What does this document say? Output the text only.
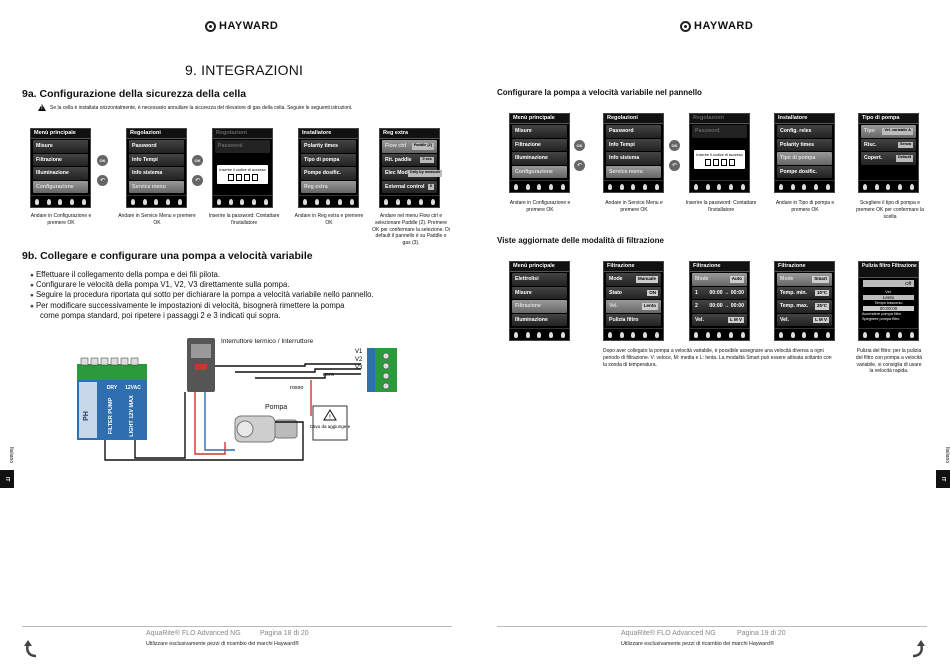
HAYWARD
9. INTEGRAZIONI
9a. Configurazione della sicurezza della cella
!
Se la cella è installata orizzontalmente, è necessario annullare la sicurezza del rilevatore di gas della cella. Seguire le seguenti istruzioni.
Menù principale
Misure
Filtrazione
Illuminazione
Configurazione
OK
↶
Regolazioni
Password
Info Tempi
Info sistema
Service menu
OK
↶
Regolazioni
Password
Inserire il codice di accesso
Installatore
Polarity times
Tipo di pompa
Pompe dosific.
Reg extra
Reg extra
Flow ctrl	Paddle (2)
Rit. paddle	0 sec
Elec Mod Only by measure
External control	0
Andare in Configurazione e premere OK
Andare in Service Menu e premere OK
Inserire la password: Contattare l'installatore
Andare in Reg extra e premere OK
Andare nel menu Flow ctrl e selezionare Paddle (2). Premere OK per confermare la selezione. Di default il pannello è su Paddle o gas (3).
9b. Collegare e configurare una pompa a velocità variabile
● Effettuare il collegamento della pompa e dei fili pilota.
● Configurare le velocità della pompa V1, V2, V3 direttamente sulla pompa.
● Seguire la procedura riportata qui sotto per dichiarare la pompa a velocità variabile nello pannello.
● Per modificare successivamente le impostazioni di velocità, bisognerà rimettere la pompa
come pompa standard, poi ripetere i passaggi 2 e 3 indicati qui sopra.
PH
DRY 12VAC
FILTER PUMP	LIGHT 12V MAX
Interruttore termico / Interruttore
Pompa
!
Cavo da aggiungere
V1
V2
V3
nero
rosso
Italiano
IT
AquaRite® FLO Advanced NG	Pagina 18 di 20
Utilizzare esclusivamente pezzi di ricambio dei marchi Hayward®
HAYWARD
Configurare la pompa a velocità variabile nel pannello
Menù principale
Misure
Filtrazione
Illuminazione
Configurazione
OK
↶
Regolazioni
Password
Info Tempi
Info sistema
Service menu
OK
↶
Regolazioni
Password
Inserire il codice di accesso
Installatore
Config. reles
Polarity times
Tipo di pompa
Pompe dosific.
Tipo di pompa
Tipo	Vel. variabile A
Risc.	Senza
Copert.	Default
Andare in Configurazione e premere OK
Andare in Service Menu e premere OK
Inserire la password: Contattare l'installatore
Andare in Tipo di pompa e premere OK
Scegliere il tipo di pompa e premere OK per confermare la scelta
Viste aggiornate delle modalità di filtrazione
Menù principale
Elettrolisi
Misure
Filtrazione
Illuminazione
Filtrazione
Mode	Manuale
Stato	ON
Vel.	Lento
Pulizia filtro
Filtrazione
Mode	Auto
1 00:00 → 00:00
2 00:00 → 00:00
Vel.	L M V
Filtrazione
Mode	Smart
Temp. min.	10°C
Temp. max.	25°C
Vel.	L M V
Pulizia filtro Filtrazione
Off
Vel.
Lento
Tempo trascorso
00:00:00
Accendere pompa filtro
Spegnere pompa filtro
Dopo aver collegato la pompa a velocità variabile, è possibile assegnare una velocità diversa a ogni periodo di filtrazione. V: veloce, M: media e L: lenta. La modalità Smart può essere attivata soltanto con la sonda di temperatura.
Pulizia del filtro: per la pulizia del filtro con pompa a velocità variabile, si consiglia di usare la velocità rapida.
Italiano
IT
AquaRite® FLO Advanced NG	Pagina 19 di 20
Utilizzare esclusivamente pezzi di ricambio dei marchi Hayward®
